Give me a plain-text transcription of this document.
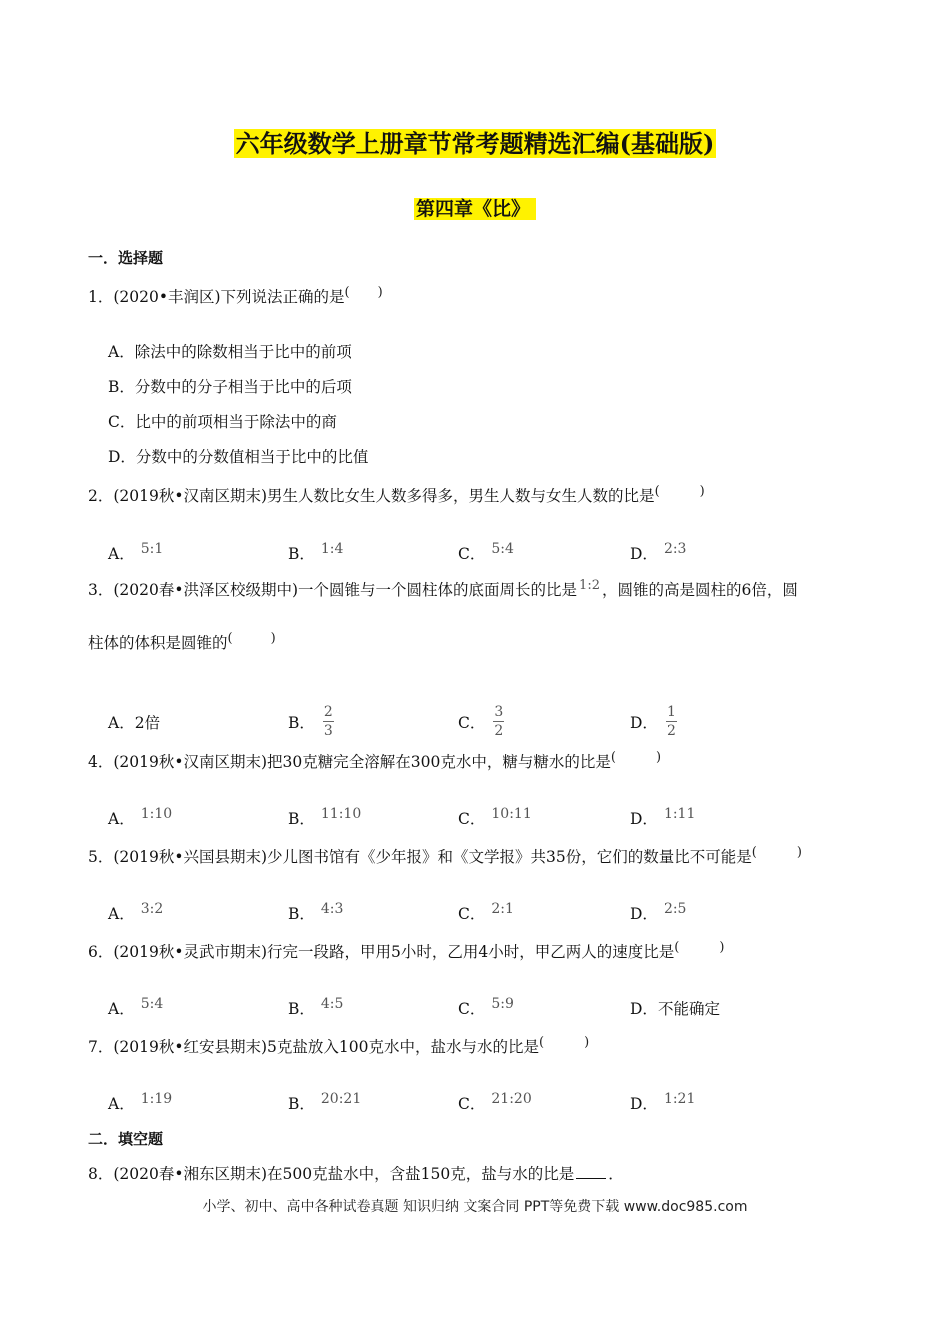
六年级数学上册章节常考题精选汇编(基础版)
第四章《比》
一．选择题
1．(2020•丰润区)下列说法正确的是( )
A．除法中的除数相当于比中的前项
B．分数中的分子相当于比中的后项
C．比中的前项相当于除法中的商
D．分数中的分数值相当于比中的比值
2．(2019秋•汉南区期末)男生人数比女生人数多得多，男生人数与女生人数的比是(	)
A． 5:1	B． 1:4	C． 5:4	D． 2:3
3．(2020春•洪泽区校级期中)一个圆锥与一个圆柱体的底面周长的比是 $^{1:2}$ ，圆锥的高是圆柱的6倍，圆
柱体的体积是圆锥的(	)
A．2倍	B． $\frac{2}{3}$	C． $\frac{3}{2}$	D． $\frac{1}{2}$
4．(2019秋•汉南区期末)把30克糖完全溶解在300克水中，糖与糖水的比是(	)
A． 1:10	B． 11:10	C． 10:11	D． 1:11
5．(2019秋•兴国县期末)少儿图书馆有《少年报》和《文学报》共35份，它们的数量比不可能是(	)
A． 3:2	B． 4:3	C． 2:1	D． 2:5
6．(2019秋•灵武市期末)行完一段路，甲用5小时，乙用4小时，甲乙两人的速度比是(	)
A． 5:4	B． 4:5	C． 5:9	D．不能确定
7．(2019秋•红安县期末)5克盐放入100克水中，盐水与水的比是(	)
A． 1:19	B． 20:21	C． 21:20	D． 1:21
二．填空题
8．(2020春•湘东区期末)在500克盐水中，含盐150克，盐与水的比是 ．
小学、初中、高中各种试卷真题 知识归纳 文案合同 PPT等免费下载 www.doc985.com
